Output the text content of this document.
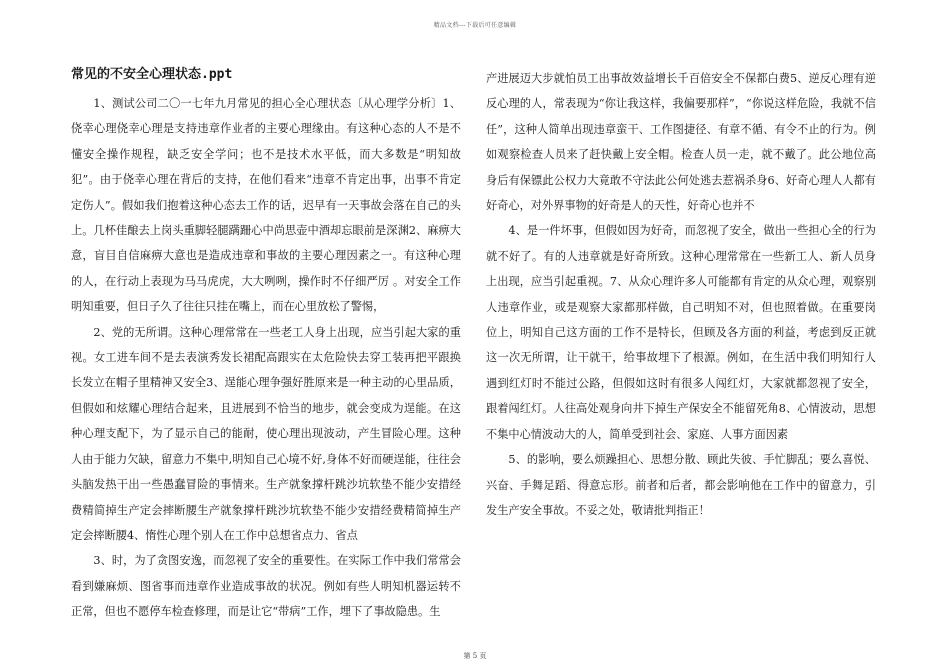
精品文档---下载后可任意编辑
常见的不安全心理状态.ppt

1、测试公司二〇一七年九月常见的担心全心理状态〔从心理学分析〕1、侥幸心理侥幸心理是支持违章作业者的主要心理缘由。有这种心态的人不是不懂安全操作规程，缺乏安全学问；也不是技术水平低，而大多数是“明知故犯”。由于侥幸心理在背后的支持，在他们看来“违章不肯定出事，出事不肯定定伤人”。假如我们抱着这种心态去工作的话，迟早有一天事故会落在自己的头上。几杯佳酿去上岗头重脚轻腿蹒跚心中尚思壶中酒却忘眼前是深渊2、麻痹大意，盲目自信麻痹大意也是造成违章和事故的主要心理因素之一。有这种心理的人，在行动上表现为马马虎虎，大大咧咧，操作时不仔细严厉 。对安全工作明知重要，但日子久了往往只挂在嘴上，而在心里放松了警惕，

2、党的无所谓。这种心理常常在一些老工人身上出现，应当引起大家的重视。女工进车间不是去表演秀发长裙配高跟实在太危险快去穿工装再把平跟换长发立在帽子里精神又安全3、逞能心理争强好胜原来是一种主动的心里品质，但假如和炫耀心理结合起来，且进展到不恰当的地步，就会变成为逞能。在这种心理支配下，为了显示自己的能耐，使心理出现波动，产生冒险心理。这种人由于能力欠缺，留意力不集中,明知自己心境不好,身体不好而硬逞能，往往会头脑发热干出一些愚蠢冒险的事情来。生产就象撑杆跳沙坑软垫不能少安措经费精简掉生产定会摔断腰生产就象撑杆跳沙坑软垫不能少安措经费精简掉生产定会摔断腰4、惰性心理个别人在工作中总想省点力、省点

3、时，为了贪图安逸，而忽视了安全的重要性。在实际工作中我们常常会看到嫌麻烦、图省事而违章作业造成事故的状况。例如有些人明知机器运转不正常，但也不愿停车检查修理，而是让它“带病”工作，埋下了事故隐患。生

产进展迈大步就怕员工出事故效益增长千百倍安全不保都白费5、逆反心理有逆反心理的人，常表现为“你让我这样，我偏要那样”，“你说这样危险，我就不信任”，这种人简单出现违章蛮干、工作图捷径、有章不循、有令不止的行为。例如观察检查人员来了赶快戴上安全帽。检查人员一走，就不戴了。此公地位高身后有保镖此公权力大竟敢不守法此公何处逃去惹祸杀身6、好奇心理人人都有好奇心，对外界事物的好奇是人的天性，好奇心也并不

4、是一件坏事，但假如因为好奇，而忽视了安全，做出一些担心全的行为就不好了。有的人违章就是好奇所致。这种心理常常在一些新工人、新人员身上出现，应当引起重视。7、从众心理许多人可能都有肯定的从众心理，观察别人违章作业，或是观察大家都那样做，自己明知不对，但也照着做。在重要岗位上，明知自己这方面的工作不是特长，但顾及各方面的利益，考虑到反正就这一次无所谓，让干就干，给事故埋下了根源。例如，在生活中我们明知行人遇到红灯时不能过公路，但假如这时有很多人闯红灯，大家就都忽视了安全，跟着闯红灯。人往高处观身向井下掉生产保安全不能留死角8、心情波动，思想不集中心情波动大的人，简单受到社会、家庭、人事方面因素

5、的影响，要么烦躁担心、思想分散、顾此失彼、手忙脚乱；要么喜悦、兴奋、手舞足蹈、得意忘形。前者和后者，都会影响他在工作中的留意力，引发生产安全事故。不妥之处，敬请批判指正！

第 5 页
